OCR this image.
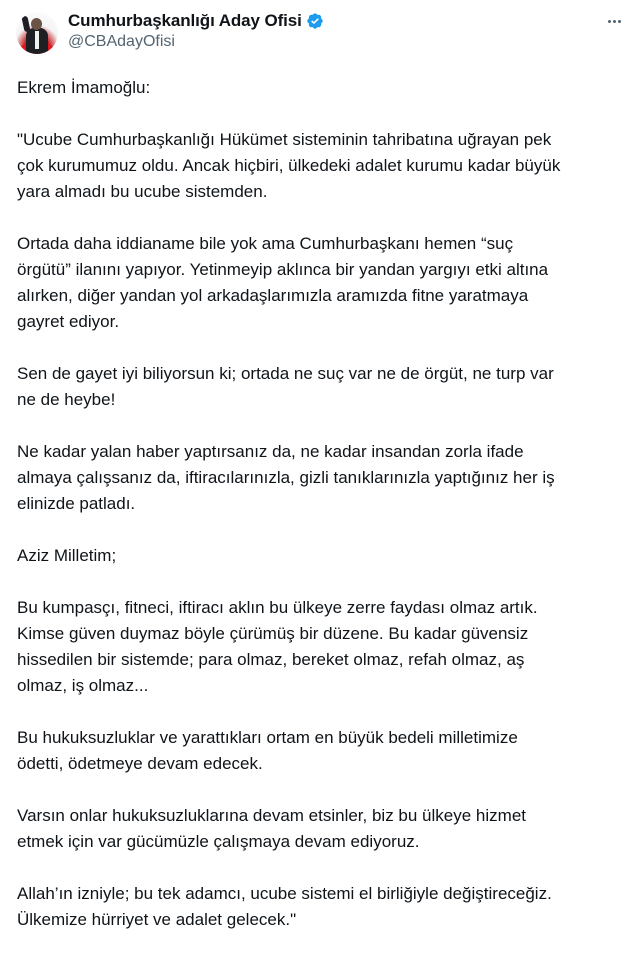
Cumhurbaşkanlığı Aday Ofisi
@CBAdayOfisi
Ekrem İmamoğlu:
"Ucube Cumhurbaşkanlığı Hükümet sisteminin tahribatına uğrayan pek
çok kurumumuz oldu. Ancak hiçbiri, ülkedeki adalet kurumu kadar büyük
yara almadı bu ucube sistemden.
Ortada daha iddianame bile yok ama Cumhurbaşkanı hemen “suç
örgütü” ilanını yapıyor. Yetinmeyip aklınca bir yandan yargıyı etki altına
alırken, diğer yandan yol arkadaşlarımızla aramızda fitne yaratmaya
gayret ediyor.
Sen de gayet iyi biliyorsun ki; ortada ne suç var ne de örgüt, ne turp var
ne de heybe!
Ne kadar yalan haber yaptırsanız da, ne kadar insandan zorla ifade
almaya çalışsanız da, iftiracılarınızla, gizli tanıklarınızla yaptığınız her iş
elinizde patladı.
Aziz Milletim;
Bu kumpasçı, fitneci, iftiracı aklın bu ülkeye zerre faydası olmaz artık.
Kimse güven duymaz böyle çürümüş bir düzene. Bu kadar güvensiz
hissedilen bir sistemde; para olmaz, bereket olmaz, refah olmaz, aş
olmaz, iş olmaz...
Bu hukuksuzluklar ve yarattıkları ortam en büyük bedeli milletimize
ödetti, ödetmeye devam edecek.
Varsın onlar hukuksuzluklarına devam etsinler, biz bu ülkeye hizmet
etmek için var gücümüzle çalışmaya devam ediyoruz.
Allah’ın izniyle; bu tek adamcı, ucube sistemi el birliğiyle değiştireceğiz.
Ülkemize hürriyet ve adalet gelecek."
